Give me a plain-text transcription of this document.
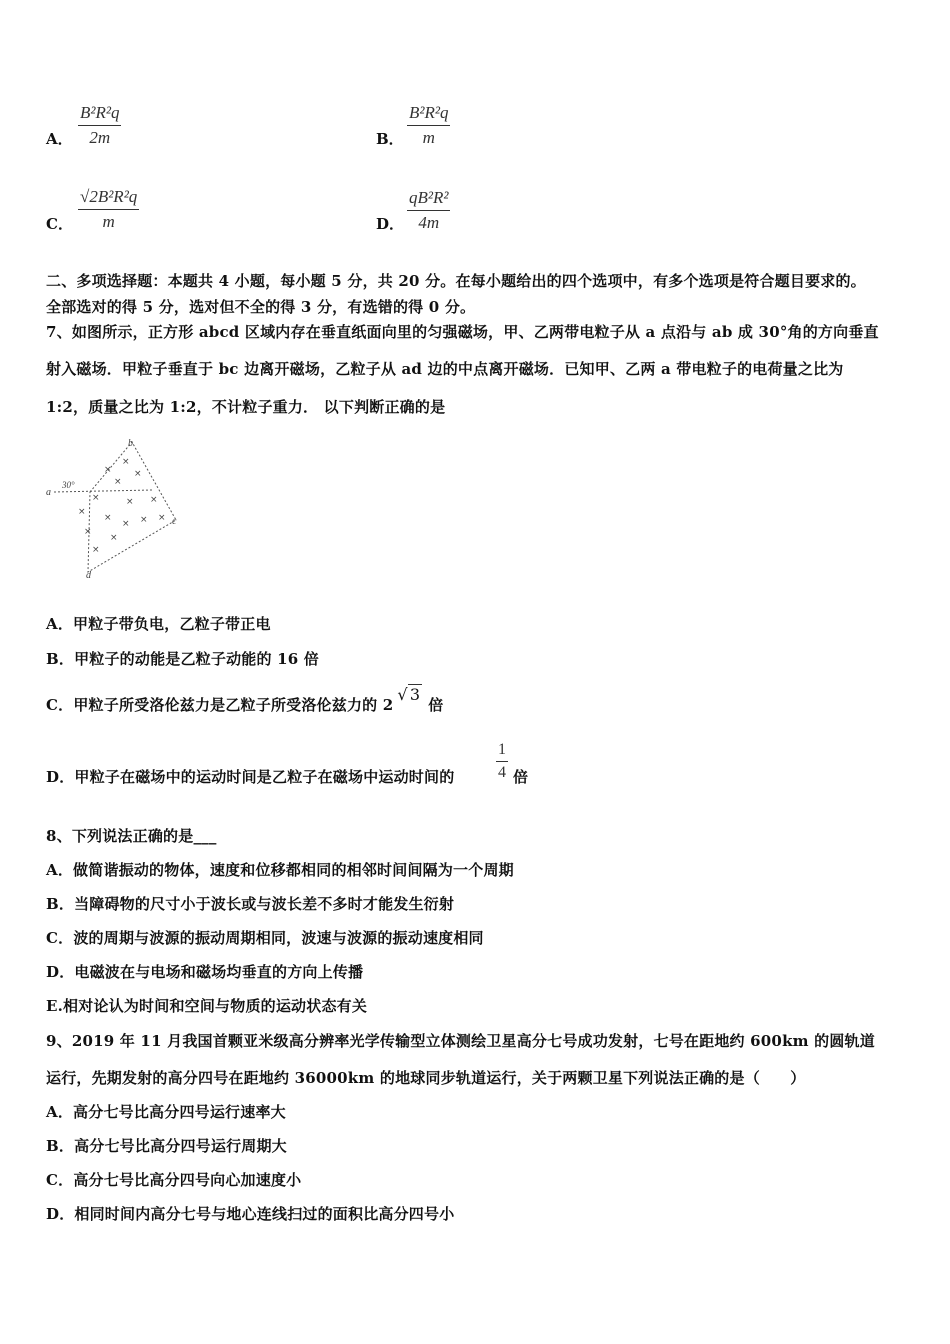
A． $\frac{\text{B²R²q}}{2m}$	B． $\frac{\text{B²R²q}}{m}$
C． $\frac{\text{√2B²R²q}}{m}$	D． $\frac{\text{qB²R²}}{4m}$
二、多项选择题：本题共 4 小题，每小题 5 分，共 20 分。在每小题给出的四个选项中，有多个选项是符合题目要求的。
全部选对的得 5 分，选对但不全的得 3 分，有选错的得 0 分。
7、如图所示，正方形 abcd 区域内存在垂直纸面向里的匀强磁场，甲、乙两带电粒子从 a 点沿与 ab 成 30°角的方向垂直
射入磁场．甲粒子垂直于 bc 边离开磁场，乙粒子从 ad 边的中点离开磁场．已知甲、乙两 a 带电粒子的电荷量之比为
1:2，质量之比为 1:2，不计粒子重力． 以下判断正确的是
b
c
d
a
30°
×
× ×
×
×	× ×
×
×	×
×
×
×
×
×
A．甲粒子带负电，乙粒子带正电
B．甲粒子的动能是乙粒子动能的 16 倍
C．甲粒子所受洛伦兹力是乙粒子所受洛伦兹力的 2√ 3倍
D．甲粒子在磁场中的运动时间是乙粒子在磁场中运动时间的	$\frac{1}{4}$ 倍
8、下列说法正确的是___
A．做简谐振动的物体，速度和位移都相同的相邻时间间隔为一个周期
B．当障碍物的尺寸小于波长或与波长差不多时才能发生衍射
C．波的周期与波源的振动周期相同，波速与波源的振动速度相同
D．电磁波在与电场和磁场均垂直的方向上传播
E.相对论认为时间和空间与物质的运动状态有关
9、2019 年 11 月我国首颗亚米级高分辨率光学传输型立体测绘卫星高分七号成功发射，七号在距地约 600km 的圆轨道
运行，先期发射的高分四号在距地约 36000km 的地球同步轨道运行，关于两颗卫星下列说法正确的是（　　）
A．高分七号比高分四号运行速率大
B．高分七号比高分四号运行周期大
C．高分七号比高分四号向心加速度小
D．相同时间内高分七号与地心连线扫过的面积比高分四号小
